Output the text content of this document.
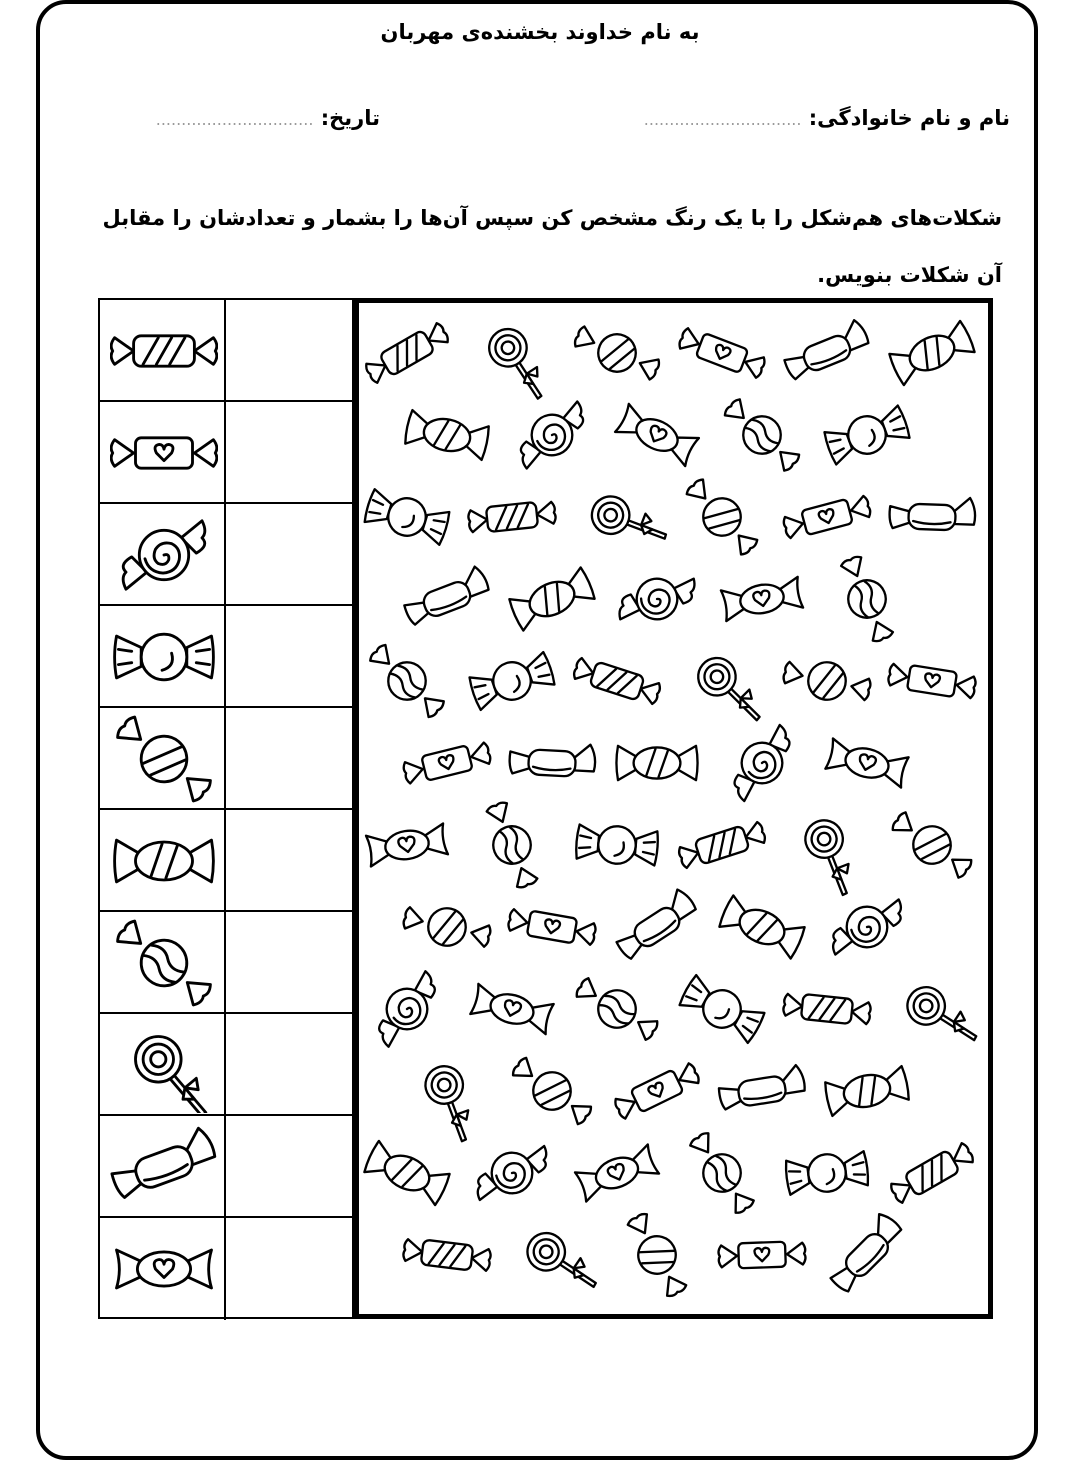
به نام خداوند بخشنده‌ی مهربان
نام و نام خانوادگی: ...............................
تاریخ: ...............................
شکلات‌های هم‌شکل را با یک رنگ مشخص کن سپس آن‌ها را بشمار و تعدادشان را مقابل آن شکلات بنویس.
